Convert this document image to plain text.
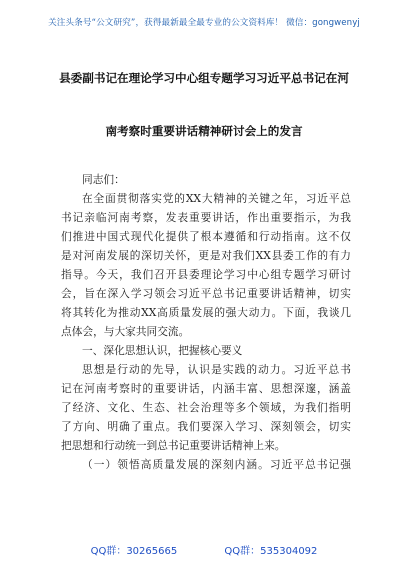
关注头条号“公文研究”，获得最新最全最专业的公文资料库！ 微信：gongwenyj
县委副书记在理论学习中心组专题学习习近平总书记在河
南考察时重要讲话精神研讨会上的发言
同志们：
在全面贯彻落实党的XX大精神的关键之年，习近平总
书记亲临河南考察，发表重要讲话，作出重要指示，为我
们推进中国式现代化提供了根本遵循和行动指南。这不仅
是对河南发展的深切关怀，更是对我们XX县委工作的有力
指导。今天，我们召开县委理论学习中心组专题学习研讨
会，旨在深入学习领会习近平总书记重要讲话精神，切实
将其转化为推动XX高质量发展的强大动力。下面，我谈几
点体会，与大家共同交流。
一、深化思想认识，把握核心要义
思想是行动的先导，认识是实践的动力。习近平总书
记在河南考察时的重要讲话，内涵丰富、思想深邃，涵盖
了经济、文化、生态、社会治理等多个领域，为我们指明
了方向、明确了重点。我们要深入学习、深刻领会，切实
把思想和行动统一到总书记重要讲话精神上来。
（一）领悟高质量发展的深刻内涵。习近平总书记强
QQ群：30265665	QQ群：535304092
